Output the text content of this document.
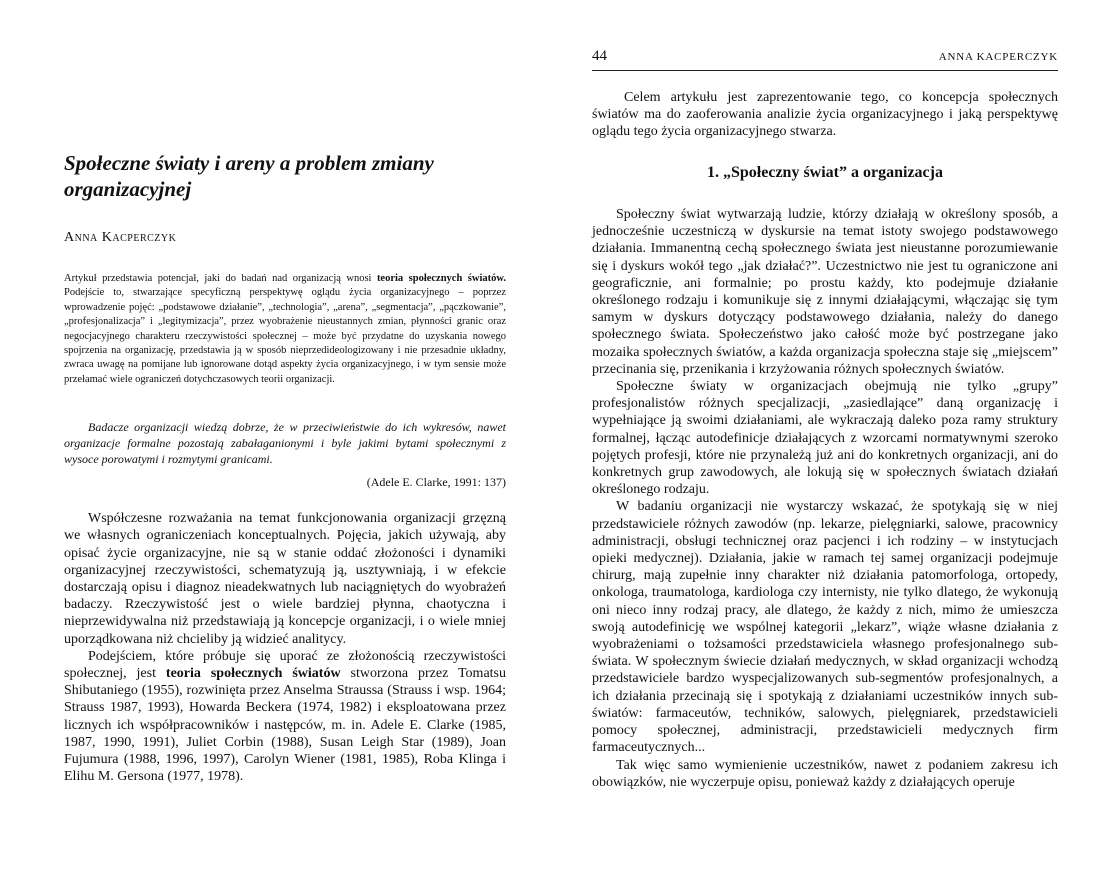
Społeczne światy i areny a problem zmiany organizacyjnej
Anna Kacperczyk

Artykuł przedstawia potencjał, jaki do badań nad organizacją wnosi teoria społecznych światów. Podejście to, stwarzające specyficzną perspektywę oglądu życia organizacyjnego – poprzez wprowadzenie pojęć: „podstawowe działanie”, „technologia”, „arena”, „segmentacja”, „pączkowanie”, „profesjonalizacja” i „legitymizacja”, przez wyobrażenie nieustannych zmian, płynności granic oraz negocjacyjnego charakteru rzeczywistości społecznej – może być przydatne do uzyskania nowego spojrzenia na organizację, przedstawia ją w sposób nieprzedideologizowany i nie przesadnie układny, zwraca uwagę na pomijane lub ignorowane dotąd aspekty życia organizacyjnego, i w tym sensie może przełamać wiele ograniczeń dotychczasowych teorii organizacji.

Badacze organizacji wiedzą dobrze, że w przeciwieństwie do ich wykresów, nawet organizacje formalne pozostają zabałaganionymi i byle jakimi bytami społecznymi z wysoce porowatymi i rozmytymi granicami.

(Adele E. Clarke, 1991: 137)

Współczesne rozważania na temat funkcjonowania organizacji grzęzną we własnych ograniczeniach konceptualnych. Pojęcia, jakich używają, aby opisać życie organizacyjne, nie są w stanie oddać złożoności i dynamiki organizacyjnej rzeczywistości, schematyzują ją, usztywniają, i w efekcie dostarczają opisu i diagnoz nieadekwatnych lub naciągniętych do wyobrażeń badaczy. Rzeczywistość jest o wiele bardziej płynna, chaotyczna i nieprzewidywalna niż przedstawiają ją koncepcje organizacji, i o wiele mniej uporządkowana niż chcieliby ją widzieć analitycy.

Podejściem, które próbuje się uporać ze złożonością rzeczywistości społecznej, jest teoria społecznych światów stworzona przez Tomatsu Shibutaniego (1955), rozwinięta przez Anselma Straussa (Strauss i wsp. 1964; Strauss 1987, 1993), Howarda Beckera (1974, 1982) i eksploatowana przez licznych ich współpracowników i następców, m. in. Adele E. Clarke (1985, 1987, 1990, 1991), Juliet Corbin (1988), Susan Leigh Star (1989), Joan Fujumura (1988, 1996, 1997), Carolyn Wiener (1981, 1985), Roba Klinga i Elihu M. Gersona (1977, 1978).

44	ANNA KACPERCZYK

Celem artykułu jest zaprezentowanie tego, co koncepcja społecznych światów ma do zaoferowania analizie życia organizacyjnego i jaką perspektywę oglądu tego życia organizacyjnego stwarza.

1. „Społeczny świat” a organizacja

Społeczny świat wytwarzają ludzie, którzy działają w określony sposób, a jednocześnie uczestniczą w dyskursie na temat istoty swojego podstawowego działania. Immanentną cechą społecznego świata jest nieustanne porozumiewanie się i dyskurs wokół tego „jak działać?”. Uczestnictwo nie jest tu ograniczone ani geograficznie, ani formalnie; po prostu każdy, kto podejmuje działanie określonego rodzaju i komunikuje się z innymi działającymi, włączając się tym samym w dyskurs dotyczący podstawowego działania, należy do danego społecznego świata. Społeczeństwo jako całość może być postrzegane jako mozaika społecznych światów, a każda organizacja społeczna staje się „miejscem” przecinania się, przenikania i krzyżowania różnych społecznych światów.

Społeczne światy w organizacjach obejmują nie tylko „grupy” profesjonalistów różnych specjalizacji, „zasiedlające” daną organizację i wypełniające ją swoimi działaniami, ale wykraczają daleko poza ramy struktury formalnej, łącząc autodefinicje działających z wzorcami normatywnymi szeroko pojętych profesji, które nie przynależą już ani do konkretnych organizacji, ani do konkretnych grup zawodowych, ale lokują się w społecznych światach działań określonego rodzaju.

W badaniu organizacji nie wystarczy wskazać, że spotykają się w niej przedstawiciele różnych zawodów (np. lekarze, pielęgniarki, salowe, pracownicy administracji, obsługi technicznej oraz pacjenci i ich rodziny – w instytucjach opieki medycznej). Działania, jakie w ramach tej samej organizacji podejmuje chirurg, mają zupełnie inny charakter niż działania patomorfologa, ortopedy, onkologa, traumatologa, kardiologa czy internisty, nie tylko dlatego, że wykonują oni nieco inny rodzaj pracy, ale dlatego, że każdy z nich, mimo że umieszcza swoją autodefinicję we wspólnej kategorii „lekarz”, wiąże własne działania z wyobrażeniami o tożsamości przedstawiciela własnego profesjonalnego sub-świata. W społecznym świecie działań medycznych, w skład organizacji wchodzą przedstawiciele bardzo wyspecjalizowanych sub-segmentów profesjonalnych, a ich działania przecinają się i spotykają z działaniami uczestników innych sub-światów: farmaceutów, techników, salowych, pielęgniarek, przedstawicieli pomocy społecznej, administracji, przedstawicieli medycznych firm farmaceutycznych...

Tak więc samo wymienienie uczestników, nawet z podaniem zakresu ich obowiązków, nie wyczerpuje opisu, ponieważ każdy z działających operuje
